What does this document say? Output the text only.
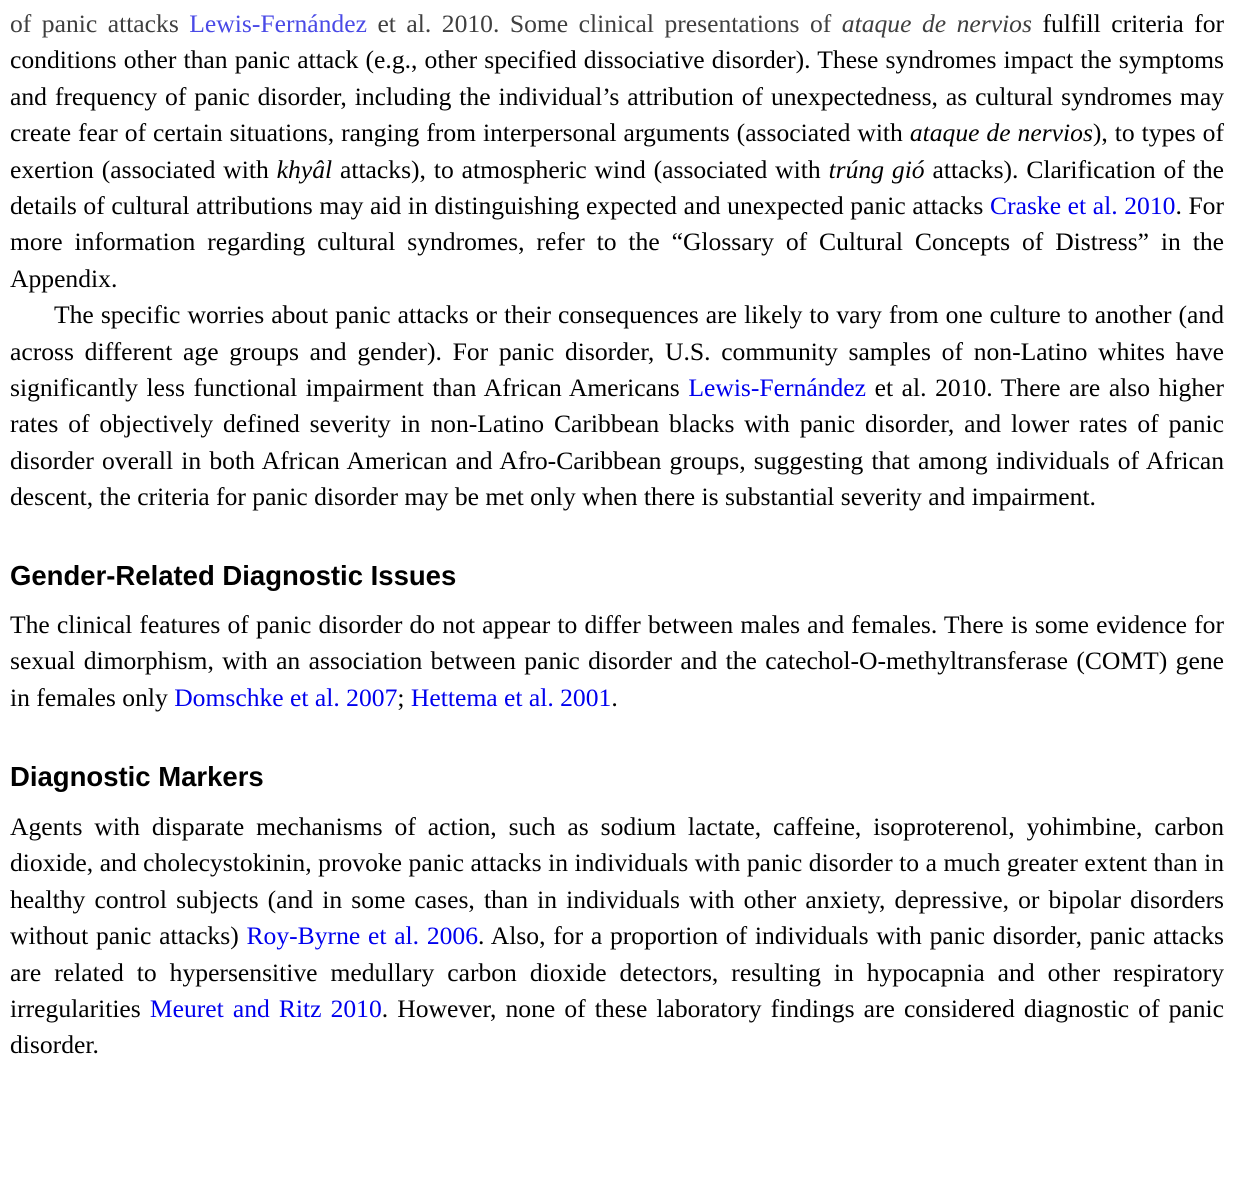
of panic attacks Lewis-Fernández et al. 2010. Some clinical presentations of ataque de nervios fulfill criteria for conditions other than panic attack (e.g., other specified dissociative disorder). These syndromes impact the symptoms and frequency of panic disorder, including the individual’s attribution of unexpectedness, as cultural syndromes may create fear of certain situations, ranging from interpersonal arguments (associated with ataque de nervios), to types of exertion (associated with khyâl attacks), to atmospheric wind (associated with trúng gió attacks). Clarification of the details of cultural attributions may aid in distinguishing expected and unexpected panic attacks Craske et al. 2010. For more information regarding cultural syndromes, refer to the “Glossary of Cultural Concepts of Distress” in the Appendix.

The specific worries about panic attacks or their consequences are likely to vary from one culture to another (and across different age groups and gender). For panic disorder, U.S. community samples of non-Latino whites have significantly less functional impairment than African Americans Lewis-Fernández et al. 2010. There are also higher rates of objectively defined severity in non-Latino Caribbean blacks with panic disorder, and lower rates of panic disorder overall in both African American and Afro-Caribbean groups, suggesting that among individuals of African descent, the criteria for panic disorder may be met only when there is substantial severity and impairment.

Gender-Related Diagnostic Issues

The clinical features of panic disorder do not appear to differ between males and females. There is some evidence for sexual dimorphism, with an association between panic disorder and the catechol-O-methyltransferase (COMT) gene in females only Domschke et al. 2007; Hettema et al. 2001.

Diagnostic Markers

Agents with disparate mechanisms of action, such as sodium lactate, caffeine, isoproterenol, yohimbine, carbon dioxide, and cholecystokinin, provoke panic attacks in individuals with panic disorder to a much greater extent than in healthy control subjects (and in some cases, than in individuals with other anxiety, depressive, or bipolar disorders without panic attacks) Roy-Byrne et al. 2006. Also, for a proportion of individuals with panic disorder, panic attacks are related to hypersensitive medullary carbon dioxide detectors, resulting in hypocapnia and other respiratory irregularities Meuret and Ritz 2010. However, none of these laboratory findings are considered diagnostic of panic disorder.
